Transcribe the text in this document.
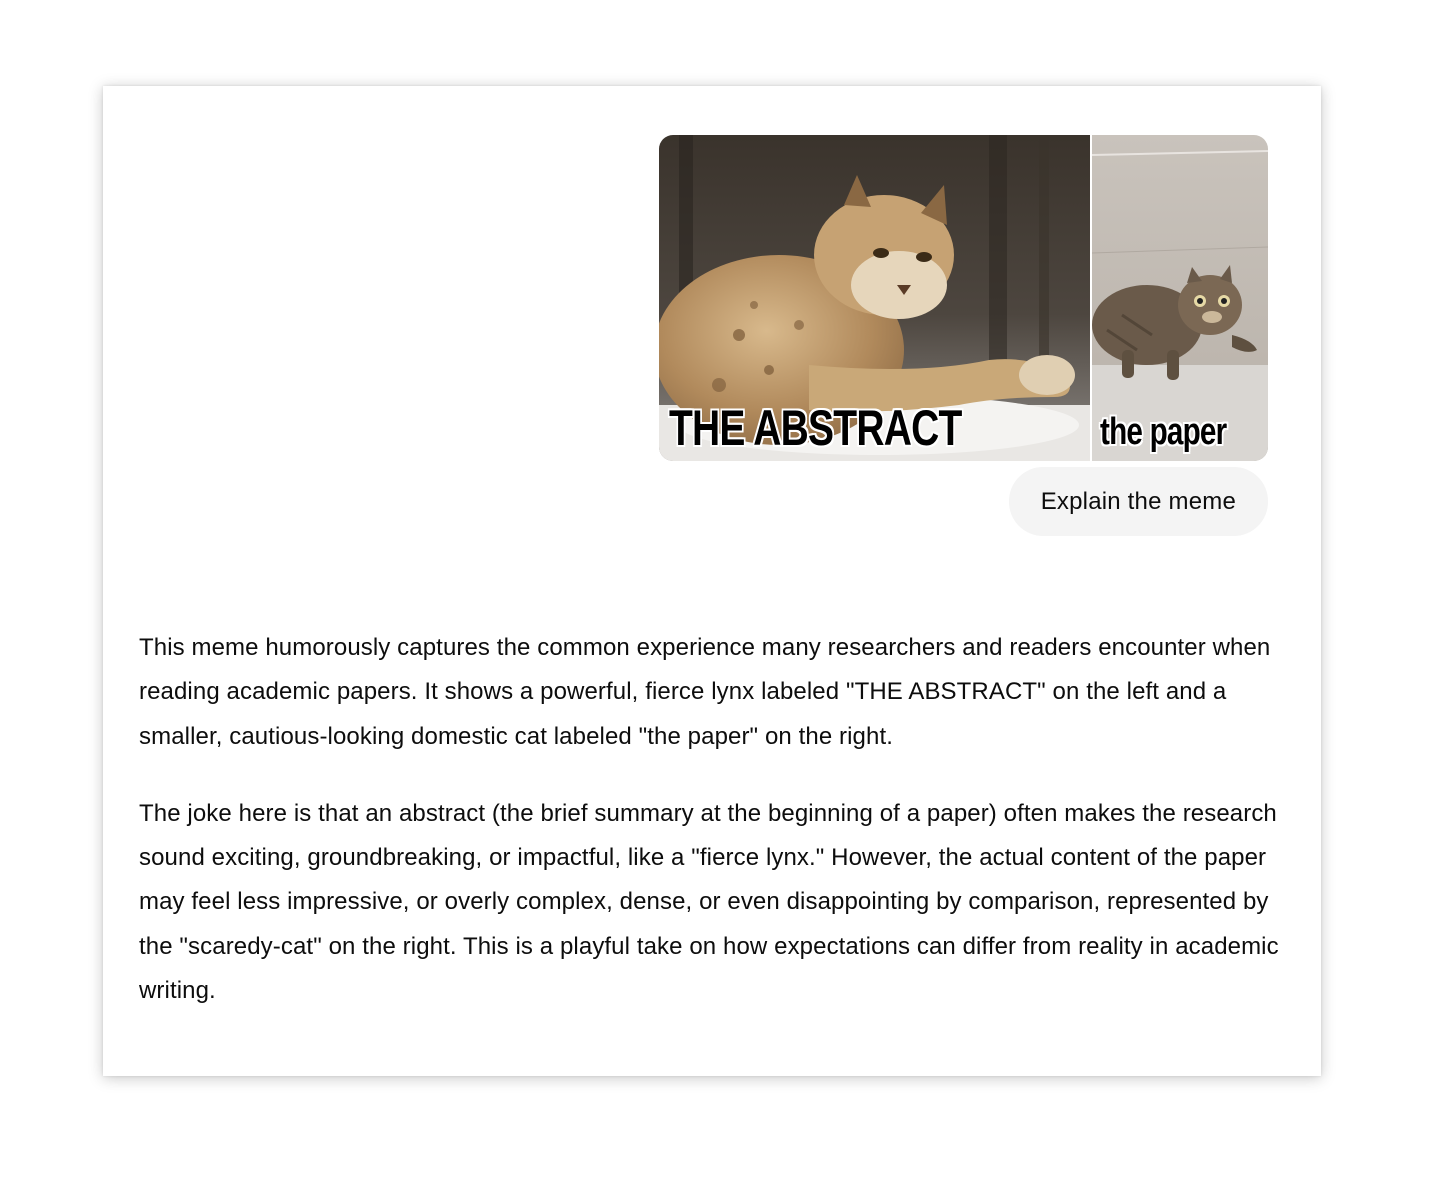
THE ABSTRACT	the paper
Explain the meme

This meme humorously captures the common experience many researchers and readers encounter when reading academic papers. It shows a powerful, fierce lynx labeled "THE ABSTRACT" on the left and a smaller, cautious-looking domestic cat labeled "the paper" on the right.

The joke here is that an abstract (the brief summary at the beginning of a paper) often makes the research sound exciting, groundbreaking, or impactful, like a "fierce lynx." However, the actual content of the paper may feel less impressive, or overly complex, dense, or even disappointing by comparison, represented by the "scaredy-cat" on the right. This is a playful take on how expectations can differ from reality in academic writing.
